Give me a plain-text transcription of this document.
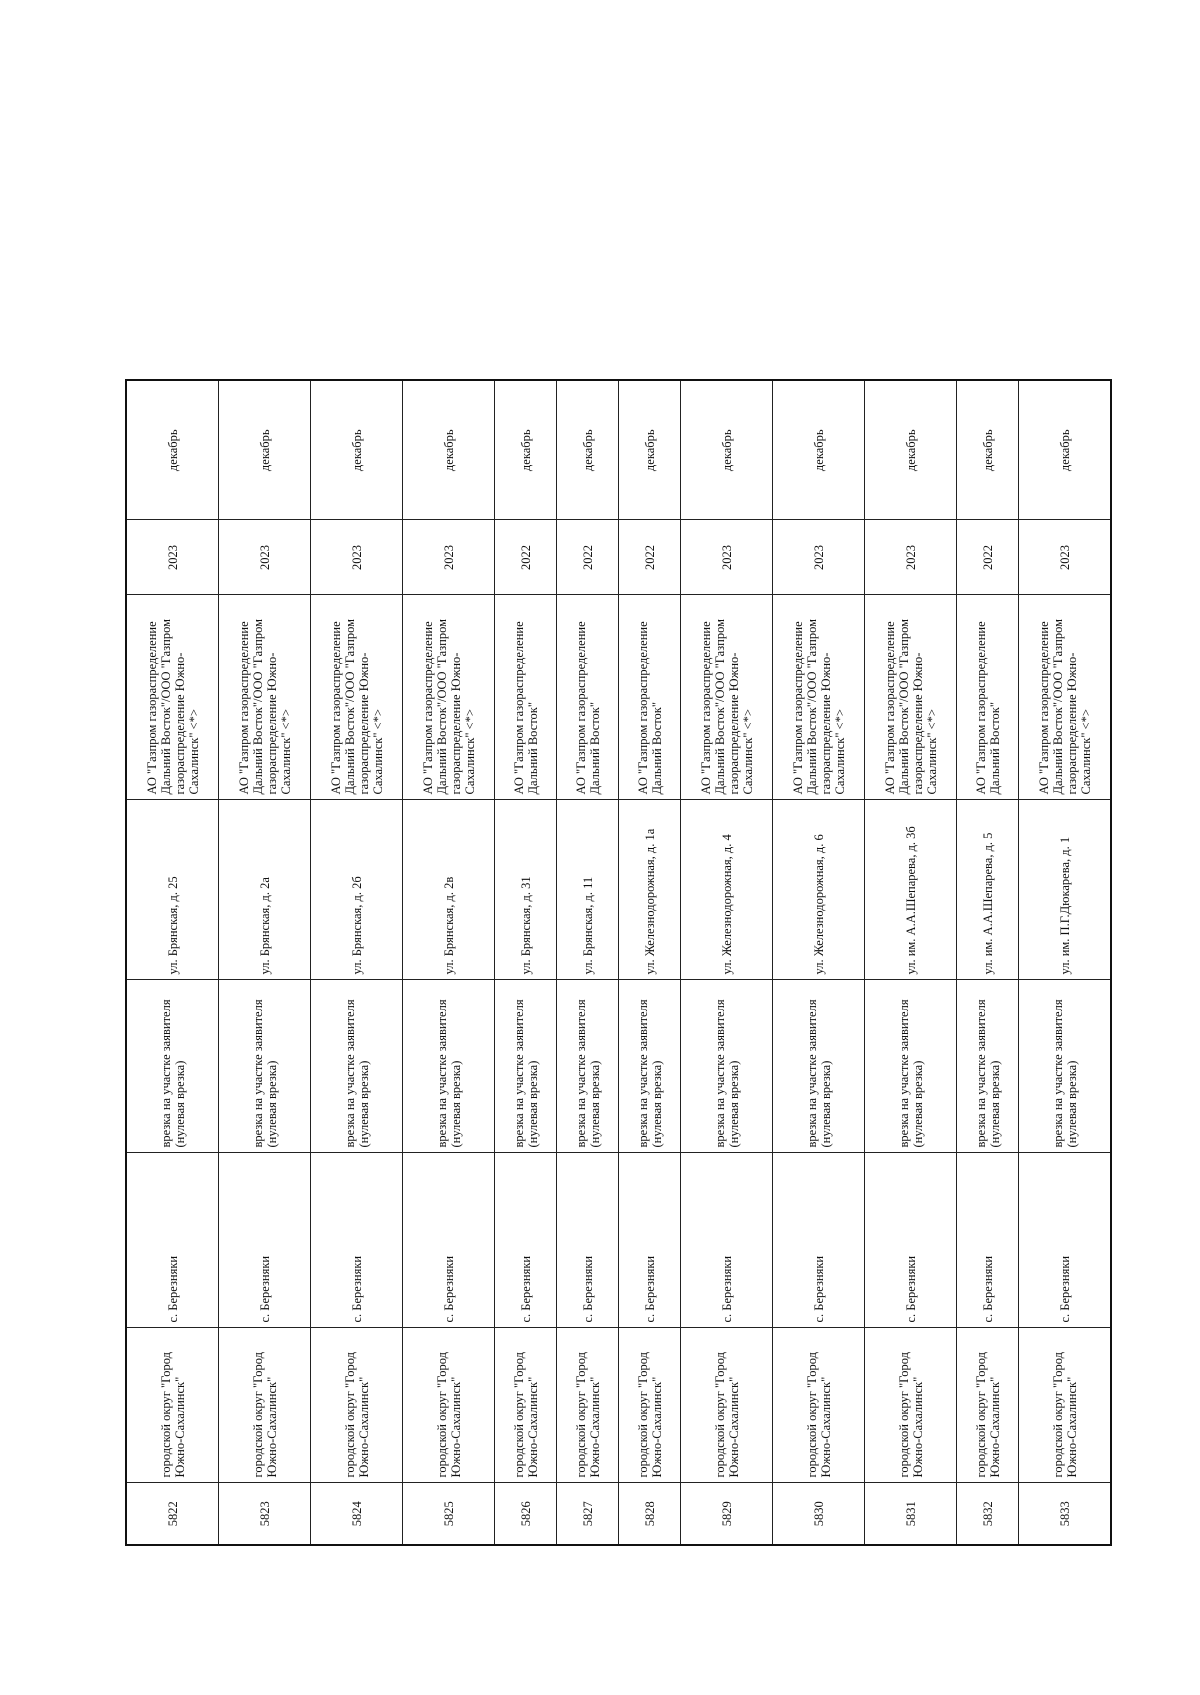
5822	городской округ "Город Южно-Сахалинск"	с. Березняки	врезка на участке заявителя (нулевая врезка)	ул. Брянская, д. 25	АО "Газпром газораспределение Дальний Восток"/ООО "Газпром газораспределение Южно-Сахалинск" <*>	2023	декабрь
5823	городской округ "Город Южно-Сахалинск"	с. Березняки	врезка на участке заявителя (нулевая врезка)	ул. Брянская, д. 2а	АО "Газпром газораспределение Дальний Восток"/ООО "Газпром газораспределение Южно-Сахалинск" <*>	2023	декабрь
5824	городской округ "Город Южно-Сахалинск"	с. Березняки	врезка на участке заявителя (нулевая врезка)	ул. Брянская, д. 2б	АО "Газпром газораспределение Дальний Восток"/ООО "Газпром газораспределение Южно-Сахалинск" <*>	2023	декабрь
5825	городской округ "Город Южно-Сахалинск"	с. Березняки	врезка на участке заявителя (нулевая врезка)	ул. Брянская, д. 2в	АО "Газпром газораспределение Дальний Восток"/ООО "Газпром газораспределение Южно-Сахалинск" <*>	2023	декабрь
5826	городской округ "Город Южно-Сахалинск"	с. Березняки	врезка на участке заявителя (нулевая врезка)	ул. Брянская, д. 31	АО "Газпром газораспределение Дальний Восток"	2022	декабрь
5827	городской округ "Город Южно-Сахалинск"	с. Березняки	врезка на участке заявителя (нулевая врезка)	ул. Брянская, д. 11	АО "Газпром газораспределение Дальний Восток"	2022	декабрь
5828	городской округ "Город Южно-Сахалинск"	с. Березняки	врезка на участке заявителя (нулевая врезка)	ул. Железнодорожная, д. 1а	АО "Газпром газораспределение Дальний Восток"	2022	декабрь
5829	городской округ "Город Южно-Сахалинск"	с. Березняки	врезка на участке заявителя (нулевая врезка)	ул. Железнодорожная, д. 4	АО "Газпром газораспределение Дальний Восток"/ООО "Газпром газораспределение Южно-Сахалинск" <*>	2023	декабрь
5830	городской округ "Город Южно-Сахалинск"	с. Березняки	врезка на участке заявителя (нулевая врезка)	ул. Железнодорожная, д. 6	АО "Газпром газораспределение Дальний Восток"/ООО "Газпром газораспределение Южно-Сахалинск" <*>	2023	декабрь
5831	городской округ "Город Южно-Сахалинск"	с. Березняки	врезка на участке заявителя (нулевая врезка)	ул. им. А.А.Шепарева, д. 3б	АО "Газпром газораспределение Дальний Восток"/ООО "Газпром газораспределение Южно-Сахалинск" <*>	2023	декабрь
5832	городской округ "Город Южно-Сахалинск"	с. Березняки	врезка на участке заявителя (нулевая врезка)	ул. им. А.А.Шепарева, д. 5	АО "Газпром газораспределение Дальний Восток"	2022	декабрь
5833	городской округ "Город Южно-Сахалинск"	с. Березняки	врезка на участке заявителя (нулевая врезка)	ул. им. П.Г.Дюкарева, д. 1	АО "Газпром газораспределение Дальний Восток"/ООО "Газпром газораспределение Южно-Сахалинск" <*>	2023	декабрь
